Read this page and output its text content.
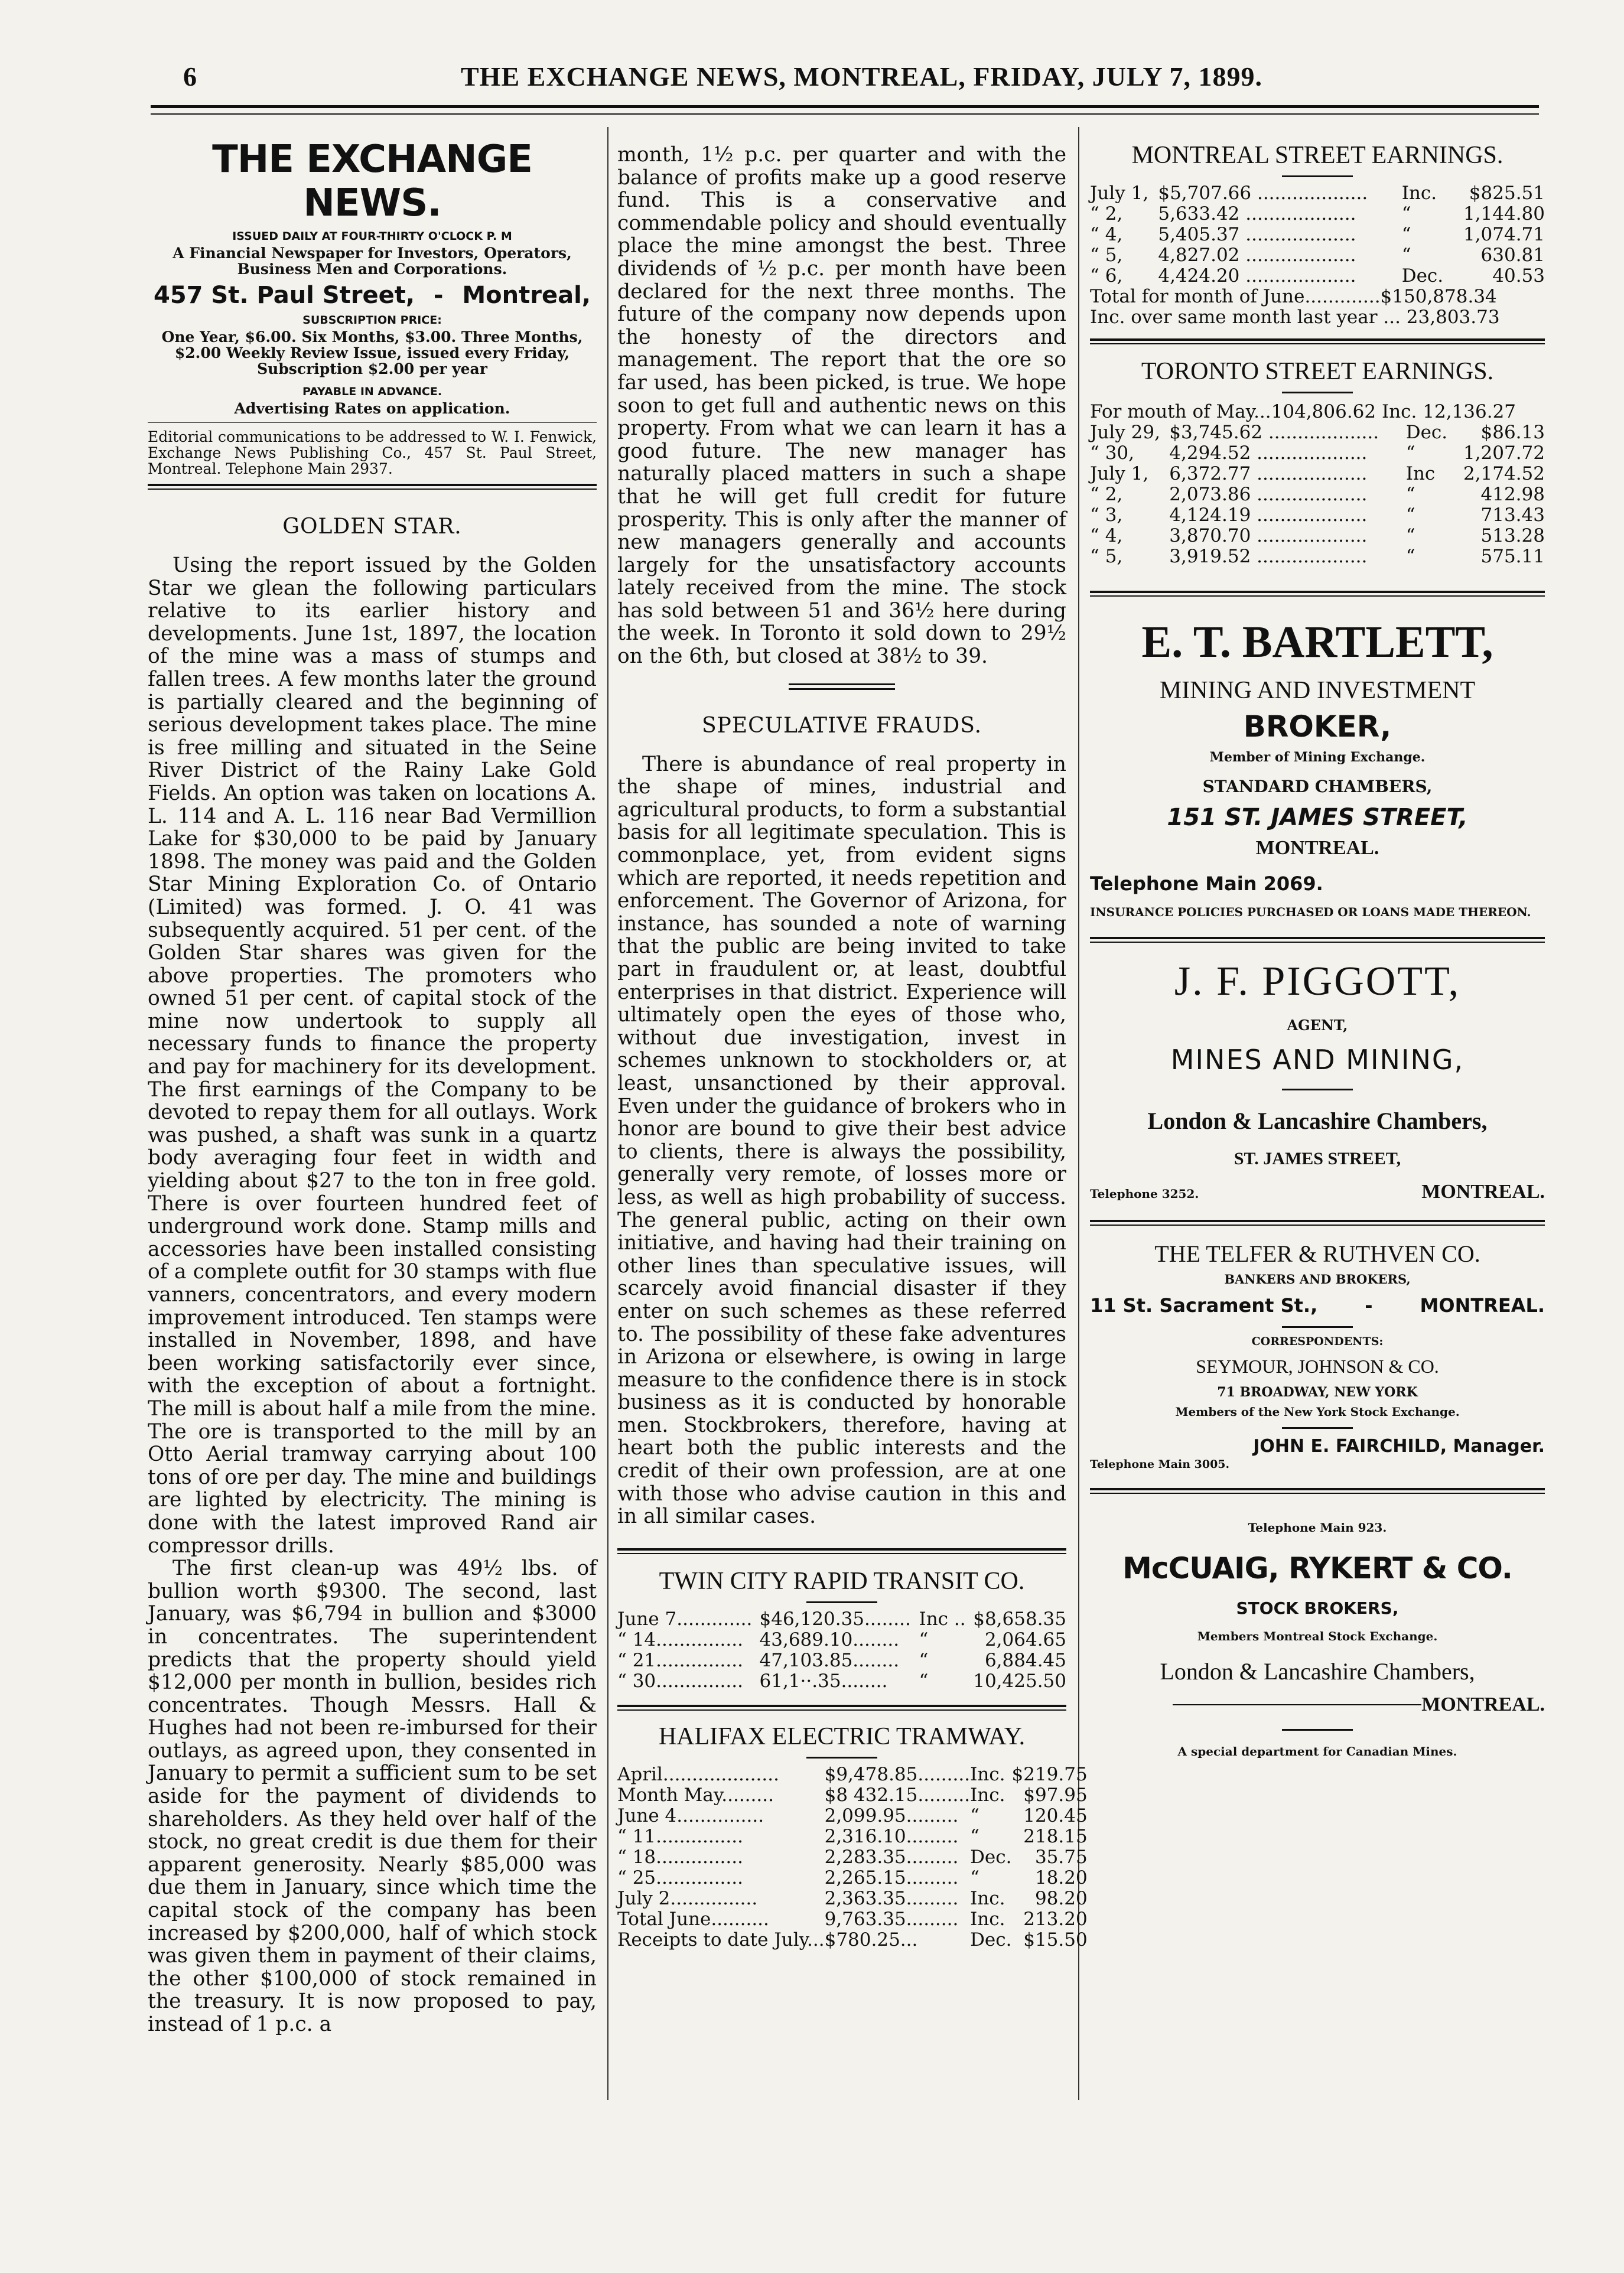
6	THE EXCHANGE NEWS, MONTREAL, FRIDAY, JULY 7, 1899.
THE EXCHANGE NEWS.

ISSUED DAILY AT FOUR-THIRTY O'CLOCK P. M

A Financial Newspaper for Investors, Operators, Business Men and Corporations.

457 St. Paul Street, - Montreal,

SUBSCRIPTION PRICE:

One Year, $6.00. Six Months, $3.00. Three Months, $2.00 Weekly Review Issue, issued every Friday, Subscription $2.00 per year

PAYABLE IN ADVANCE.

Advertising Rates on application.

Editorial communications to be addressed to W. I. Fenwick, Exchange News Publishing Co., 457 St. Paul Street, Montreal. Telephone Main 2937.

GOLDEN STAR.

Using the report issued by the Golden Star we glean the following particulars relative to its earlier history and developments. June 1st, 1897, the location of the mine was a mass of stumps and fallen trees. A few months later the ground is partially cleared and the beginning of serious development takes place. The mine is free milling and situated in the Seine River District of the Rainy Lake Gold Fields. An option was taken on locations A. L. 114 and A. L. 116 near Bad Vermillion Lake for $30,000 to be paid by January 1898. The money was paid and the Golden Star Mining Exploration Co. of Ontario (Limited) was formed. J. O. 41 was subsequently acquired. 51 per cent. of the Golden Star shares was given for the above properties. The promoters who owned 51 per cent. of capital stock of the mine now undertook to supply all necessary funds to finance the property and pay for machinery for its development. The first earnings of the Company to be devoted to repay them for all outlays. Work was pushed, a shaft was sunk in a quartz body averaging four feet in width and yielding about $27 to the ton in free gold. There is over fourteen hundred feet of underground work done. Stamp mills and accessories have been installed consisting of a complete outfit for 30 stamps with flue vanners, concentrators, and every modern improvement introduced. Ten stamps were installed in November, 1898, and have been working satisfactorily ever since, with the exception of about a fortnight. The mill is about half a mile from the mine. The ore is transported to the mill by an Otto Aerial tramway carrying about 100 tons of ore per day. The mine and buildings are lighted by electricity. The mining is done with the latest improved Rand air compressor drills.

The first clean-up was 49½ lbs. of bullion worth $9300. The second, last January, was $6,794 in bullion and $3000 in concentrates. The superintendent predicts that the property should yield $12,000 per month in bullion, besides rich concentrates. Though Messrs. Hall & Hughes had not been re-imbursed for their outlays, as agreed upon, they consented in January to permit a sufficient sum to be set aside for the payment of dividends to shareholders. As they held over half of the stock, no great credit is due them for their apparent generosity. Nearly $85,000 was due them in January, since which time the capital stock of the company has been increased by $200,000, half of which stock was given them in payment of their claims, the other $100,000 of stock remained in the treasury. It is now proposed to pay, instead of 1 p.c. a

month, 1½ p.c. per quarter and with the balance of profits make up a good reserve fund. This is a conservative and commendable policy and should eventually place the mine amongst the best. Three dividends of ½ p.c. per month have been declared for the next three months. The future of the company now depends upon the honesty of the directors and management. The report that the ore so far used, has been picked, is true. We hope soon to get full and authentic news on this property. From what we can learn it has a good future. The new manager has naturally placed matters in such a shape that he will get full credit for future prosperity. This is only after the manner of new managers generally and accounts largely for the unsatisfactory accounts lately received from the mine. The stock has sold between 51 and 36½ here during the week. In Toronto it sold down to 29½ on the 6th, but closed at 38½ to 39.

SPECULATIVE FRAUDS.

There is abundance of real property in the shape of mines, industrial and agricultural products, to form a substantial basis for all legitimate speculation. This is commonplace, yet, from evident signs which are reported, it needs repetition and enforcement. The Governor of Arizona, for instance, has sounded a note of warning that the public are being invited to take part in fraudulent or, at least, doubtful enterprises in that district. Experience will ultimately open the eyes of those who, without due investigation, invest in schemes unknown to stockholders or, at least, unsanctioned by their approval. Even under the guidance of brokers who in honor are bound to give their best advice to clients, there is always the possibility, generally very remote, of losses more or less, as well as high probability of success. The general public, acting on their own initiative, and having had their training on other lines than speculative issues, will scarcely avoid financial disaster if they enter on such schemes as these referred to. The possibility of these fake adventures in Arizona or elsewhere, is owing in large measure to the confidence there is in stock business as it is conducted by honorable men. Stockbrokers, therefore, having at heart both the public interests and the credit of their own profession, are at one with those who advise caution in this and in all similar cases.

TWIN CITY RAPID TRANSIT CO.

June 7.............	$46,120.35........	Inc ..	$8,658.35
“ 14...............	43,689.10........	“	2,064.65
“ 21...............	47,103.85........	“	6,884.45
“ 30...............	61,1··.35........	“	10,425.50

HALIFAX ELECTRIC TRAMWAY.

April....................	$9,478.85.........	Inc.	$219.75
Month May.........	$8 432.15.........	Inc.	$97.95
June 4...............	2,099.95.........	“	120.45
“ 11...............	2,316.10.........	“	218.15
“ 18...............	2,283.35.........	Dec.	35.75
“ 25...............	2,265.15.........	“	18.20
July 2...............	2,363.35.........	Inc.	98.20
Total June..........	9,763.35.........	Inc.	213.20
Receipts to date July...	$780.25...	Dec.	$15.50

MONTREAL STREET EARNINGS.

July 1,	$5,707.66 ...................	Inc.	$825.51
“ 2,	5,633.42 ...................	“	1,144.80
“ 4,	5,405.37 ...................	“	1,074.71
“ 5,	4,827.02 ...................	“	630.81
“ 6,	4,424.20 ...................	Dec.	40.53

Total for month of June.............$150,878.34

Inc. over same month last year ... 23,803.73

TORONTO STREET EARNINGS.

For mouth of May...104,806.62 Inc. 12,136.27

July 29,	$3,745.62 ...................	Dec.	$86.13
“ 30,	4,294.52 ...................	“	1,207.72
July 1,	6,372.77 ...................	Inc	2,174.52
“ 2,	2,073.86 ...................	“	412.98
“ 3,	4,124.19 ...................	“	713.43
“ 4,	3,870.70 ...................	“	513.28
“ 5,	3,919.52 ...................	“	575.11

E. T. BARTLETT,

MINING AND INVESTMENT

BROKER,

Member of Mining Exchange.

STANDARD CHAMBERS,

151 ST. JAMES STREET,

MONTREAL.

Telephone Main 2069.

INSURANCE POLICIES PURCHASED OR LOANS MADE THEREON.

J. F. PIGGOTT,

AGENT,

MINES AND MINING,

London & Lancashire Chambers,

ST. JAMES STREET,

Telephone 3252.	MONTREAL.

THE TELFER & RUTHVEN CO.

BANKERS AND BROKERS,

11 St. Sacrament St.,	-	MONTREAL.

CORRESPONDENTS:

SEYMOUR, JOHNSON & CO.

71 BROADWAY, NEW YORK

Members of the New York Stock Exchange.

JOHN E. FAIRCHILD, Manager.

Telephone Main 3005.

Telephone Main 923.

McCUAIG, RYKERT & CO.

STOCK BROKERS,

Members Montreal Stock Exchange.

London & Lancashire Chambers,

MONTREAL.

A special department for Canadian Mines.
